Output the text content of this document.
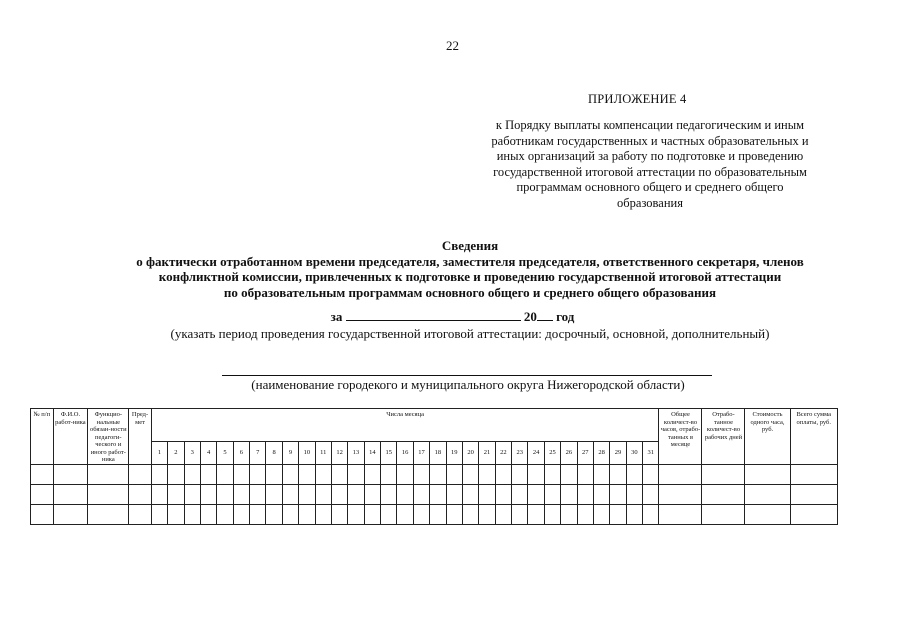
22
ПРИЛОЖЕНИЕ 4
к Порядку выплаты компенсации педагогическим и иным
работникам государственных и частных образовательных и
иных организаций за работу по подготовке и проведению
государственной итоговой аттестации по образовательным
программам основного общего и среднего общего
образования
Сведения
о фактически отработанном времени председателя, заместителя председателя, ответственного секретаря, членов
конфликтной комиссии, привлеченных к подготовке и проведению государственной итоговой аттестации
по образовательным программам основного общего и среднего общего образования
за	20 год
(указать период проведения государственной итоговой аттестации: досрочный, основной, дополнительный)
(наименование городекого и муниципального округа Нижегородской области)
№ п/п	Ф.И.О. работ-ника	Функцио-нальные обязан-ности педагоги-ческого и иного работ-ника	Пред-мет	Числа месяца																															Общее количест-во часов, отрабо-танных в месяце	Отрабо-танное количест-во рабочих дней	Стоимость одного часа, руб.	Всего сумма оплаты, руб.
				1	2	3	4	5	6	7	8	9	10	11	12	13	14	15	16	17	18	19	20	21	22	23	24	25	26	27	28	29	30	31				
